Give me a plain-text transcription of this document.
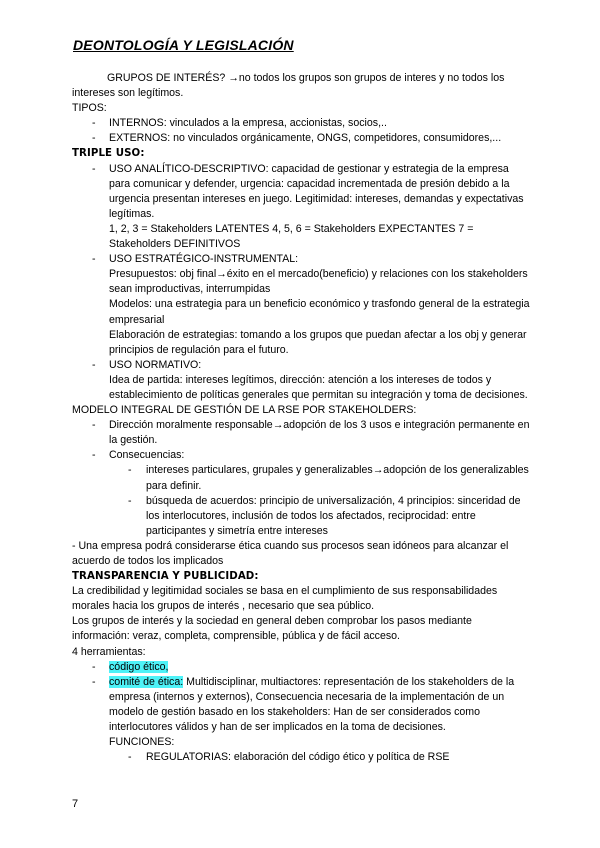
DEONTOLOGÍA Y LEGISLACIÓN

GRUPOS DE INTERÉS? →no todos los grupos son grupos de interes y no todos los intereses son legítimos.

TIPOS:

- INTERNOS: vinculados a la empresa, accionistas, socios,..
- EXTERNOS: no vinculados orgánicamente, ONGS, competidores, consumidores,...

TRIPLE USO:

- USO ANALÍTICO-DESCRIPTIVO: capacidad de gestionar y estrategia de la empresa para comunicar y defender, urgencia: capacidad incrementada de presión debido a la urgencia presentan intereses en juego. Legitimidad: intereses, demandas y expectativas legítimas.

1, 2, 3 = Stakeholders LATENTES 4, 5, 6 = Stakeholders EXPECTANTES 7 = Stakeholders DEFINITIVOS

- USO ESTRATÉGICO-INSTRUMENTAL:

Presupuestos: obj final→éxito en el mercado(beneficio) y relaciones con los stakeholders sean improductivas, interrumpidas

Modelos: una estrategia para un beneficio económico y trasfondo general de la estrategia empresarial

Elaboración de estrategias: tomando a los grupos que puedan afectar a los obj y generar principios de regulación para el futuro.

- USO NORMATIVO:

Idea de partida: intereses legítimos, dirección: atención a los intereses de todos y establecimiento de políticas generales que permitan su integración y toma de decisiones.

MODELO INTEGRAL DE GESTIÓN DE LA RSE POR STAKEHOLDERS:

- Dirección moralmente responsable→adopción de los 3 usos e integración permanente en la gestión.

- Consecuencias:

- intereses particulares, grupales y generalizables→adopción de los generalizables para definir.
- búsqueda de acuerdos: principio de universalización, 4 principios: sinceridad de los interlocutores, inclusión de todos los afectados, reciprocidad: entre participantes y simetría entre intereses

- Una empresa podrá considerarse ética cuando sus procesos sean idóneos para alcanzar el acuerdo de todos los implicados

TRANSPARENCIA Y PUBLICIDAD:

La credibilidad y legitimidad sociales se basa en el cumplimiento de sus responsabilidades morales hacia los grupos de interés , necesario que sea público.

Los grupos de interés y la sociedad en general deben comprobar los pasos mediante información: veraz, completa, comprensible, pública y de fácil acceso.

4 herramientas:

- código ético,
- comité de ética: Multidisciplinar, multiactores: representación de los stakeholders de la empresa (internos y externos), Consecuencia necesaria de la implementación de un modelo de gestión basado en los stakeholders: Han de ser considerados como interlocutores válidos y han de ser implicados en la toma de decisiones.

FUNCIONES:

- REGULATORIAS: elaboración del código ético y política de RSE
7
